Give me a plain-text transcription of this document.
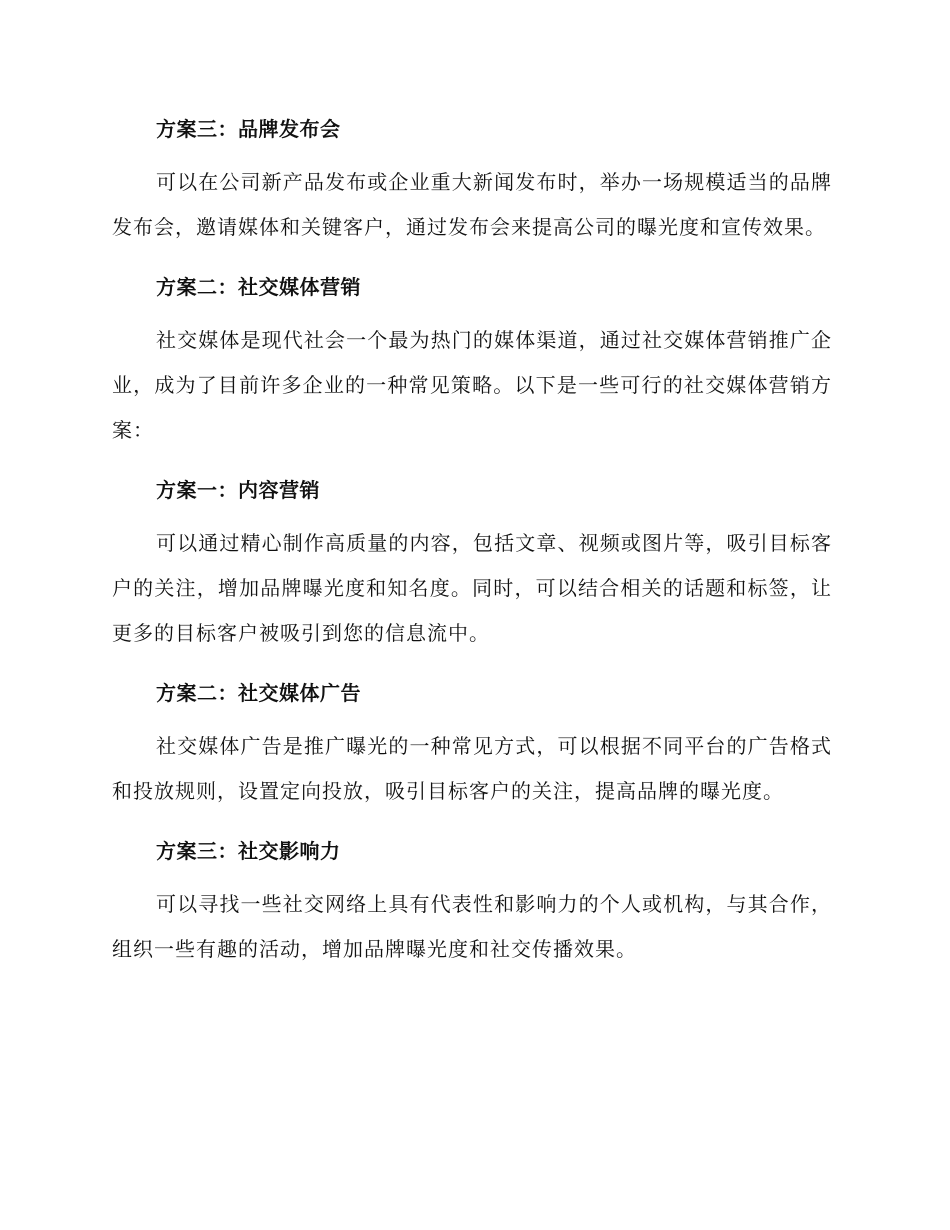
方案三：品牌发布会

可以在公司新产品发布或企业重大新闻发布时，举办一场规模适当的品牌发布会，邀请媒体和关键客户，通过发布会来提高公司的曝光度和宣传效果。

方案二：社交媒体营销

社交媒体是现代社会一个最为热门的媒体渠道，通过社交媒体营销推广企业，成为了目前许多企业的一种常见策略。以下是一些可行的社交媒体营销方案：

方案一：内容营销

可以通过精心制作高质量的内容，包括文章、视频或图片等，吸引目标客户的关注，增加品牌曝光度和知名度。同时，可以结合相关的话题和标签，让更多的目标客户被吸引到您的信息流中。

方案二：社交媒体广告

社交媒体广告是推广曝光的一种常见方式，可以根据不同平台的广告格式和投放规则，设置定向投放，吸引目标客户的关注，提高品牌的曝光度。

方案三：社交影响力

可以寻找一些社交网络上具有代表性和影响力的个人或机构，与其合作，组织一些有趣的活动，增加品牌曝光度和社交传播效果。
